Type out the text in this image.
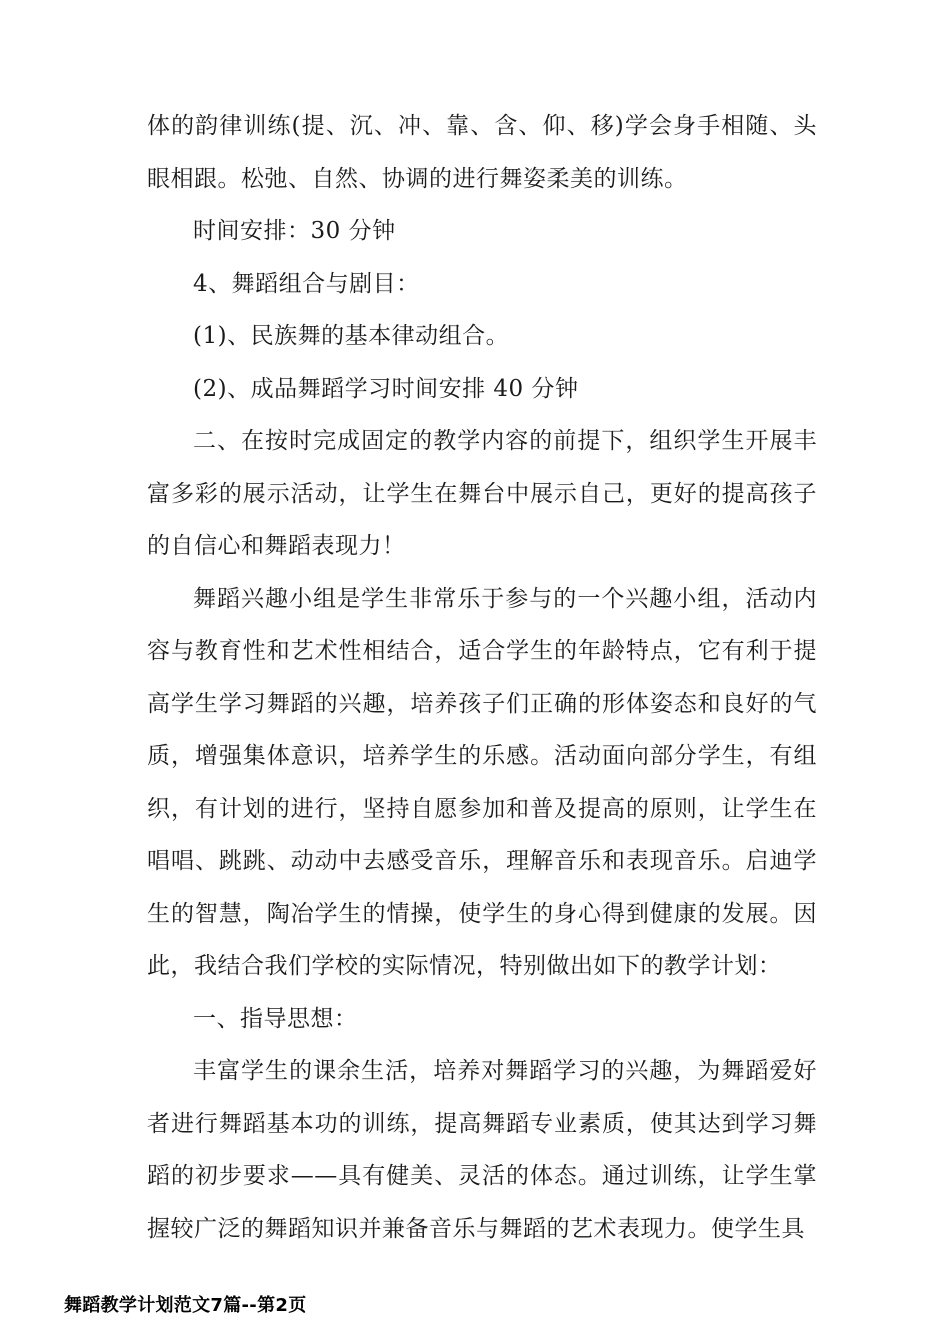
体的韵律训练(提、沉、冲、靠、含、仰、移)学会身手相随、头眼相跟。松弛、自然、协调的进行舞姿柔美的训练。

时间安排：30 分钟

4、舞蹈组合与剧目：

(1)、民族舞的基本律动组合。

(2)、成品舞蹈学习时间安排 40 分钟

二、在按时完成固定的教学内容的前提下，组织学生开展丰富多彩的展示活动，让学生在舞台中展示自己，更好的提高孩子的自信心和舞蹈表现力！

舞蹈兴趣小组是学生非常乐于参与的一个兴趣小组，活动内容与教育性和艺术性相结合，适合学生的年龄特点，它有利于提高学生学习舞蹈的兴趣，培养孩子们正确的形体姿态和良好的气质，增强集体意识，培养学生的乐感。活动面向部分学生，有组织，有计划的进行，坚持自愿参加和普及提高的原则，让学生在唱唱、跳跳、动动中去感受音乐，理解音乐和表现音乐。启迪学生的智慧，陶冶学生的情操，使学生的身心得到健康的发展。因此，我结合我们学校的实际情况，特别做出如下的教学计划：

一、指导思想：

丰富学生的课余生活，培养对舞蹈学习的兴趣，为舞蹈爱好者进行舞蹈基本功的训练，提高舞蹈专业素质，使其达到学习舞蹈的初步要求——具有健美、灵活的体态。通过训练，让学生掌握较广泛的舞蹈知识并兼备音乐与舞蹈的艺术表现力。使学生具

舞蹈教学计划范文7篇--第2页
